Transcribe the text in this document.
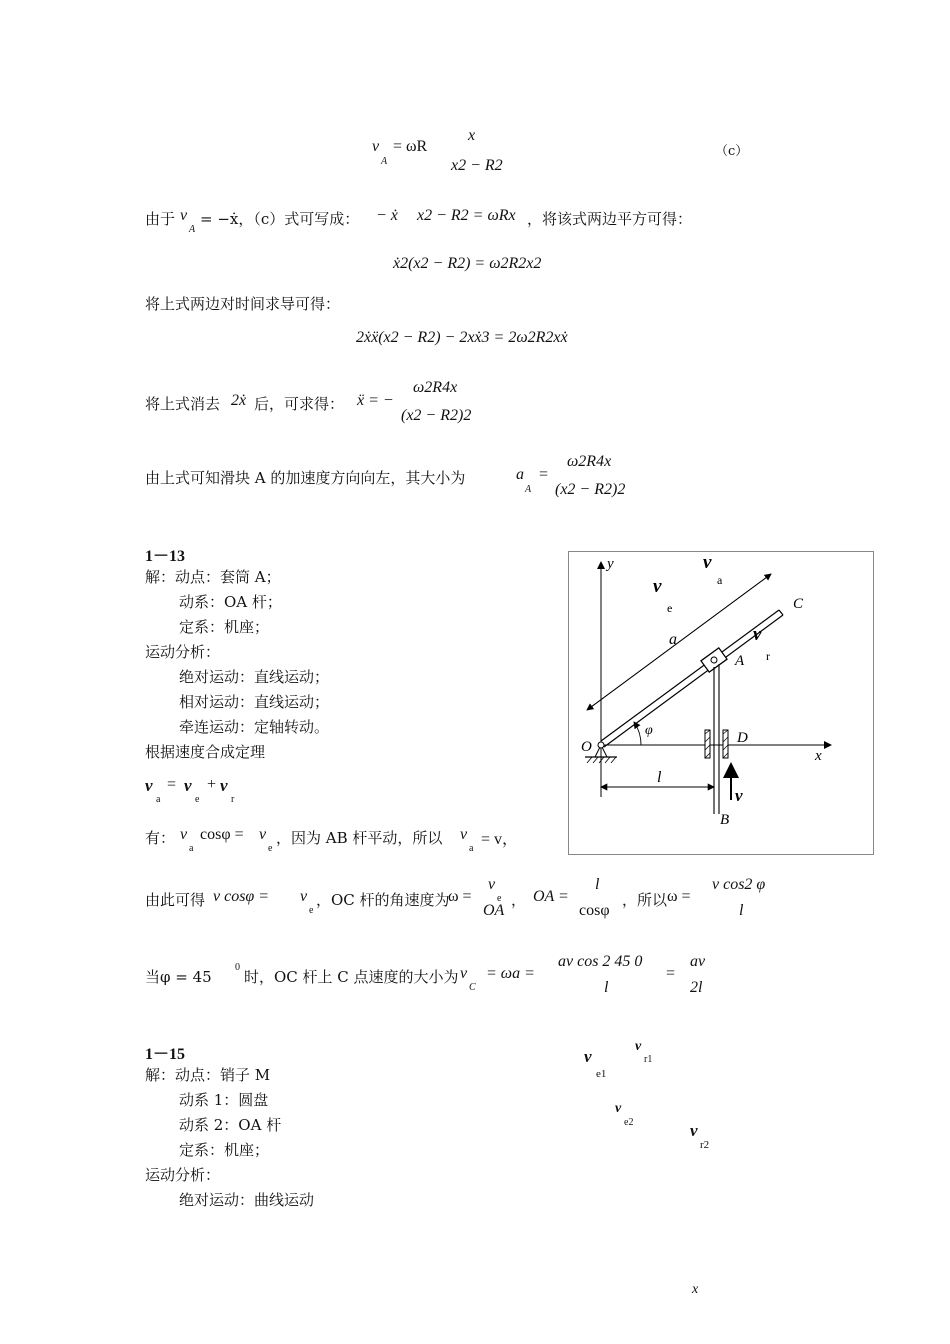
v
A
= ωR
x
x2 − R2
（c）
由于 v
A
= −ẋ，（c）式可写成： − ẋ x2 − R2 = ωRx ，将该式两边平方可得：
ẋ2(x2 − R2) = ω2R2x2
将上式两边对时间求导可得：
2ẋẍ(x2 − R2) − 2xẋ3 = 2ω2R2xẋ
将上式消去 2ẋ 后，可求得： ẍ = −
ω2R4x
(x2 − R2)2
由上式可知滑块 A 的加速度方向向左，其大小为	a
A
=
ω2R4x
(x2 − R2)2
1－13
解：动点：套筒 A；
动系：OA 杆；
定系：机座；
运动分析：
绝对运动：直线运动；
相对运动：直线运动；
牵连运动：定轴转动。
根据速度合成定理
v
a
= v
e
+ v
r
有： v
a
cosφ = v
e
，因为 AB 杆平动，所以 v
a
= v，
由此可得 v cosφ = v
e
，OC 杆的角速度为
ω =
v
e
OA
， OA =
l
cosφ
，所以 ω =
v cos2 φ
l
当φ = 45
0
时，OC 杆上 C 点速度的大小为 v
C
= ωa =
av cos 2 45 0
l
=
av
2l
y
x
O
A
C
D
B
a
l
φ
v
a
v
e
v
r
v
1－15
解：动点：销子 M
动系 1：圆盘
动系 2：OA 杆
定系：机座；
运动分析：
绝对运动：曲线运动
v
e1
v
r1
v
e2	v
r2
x
